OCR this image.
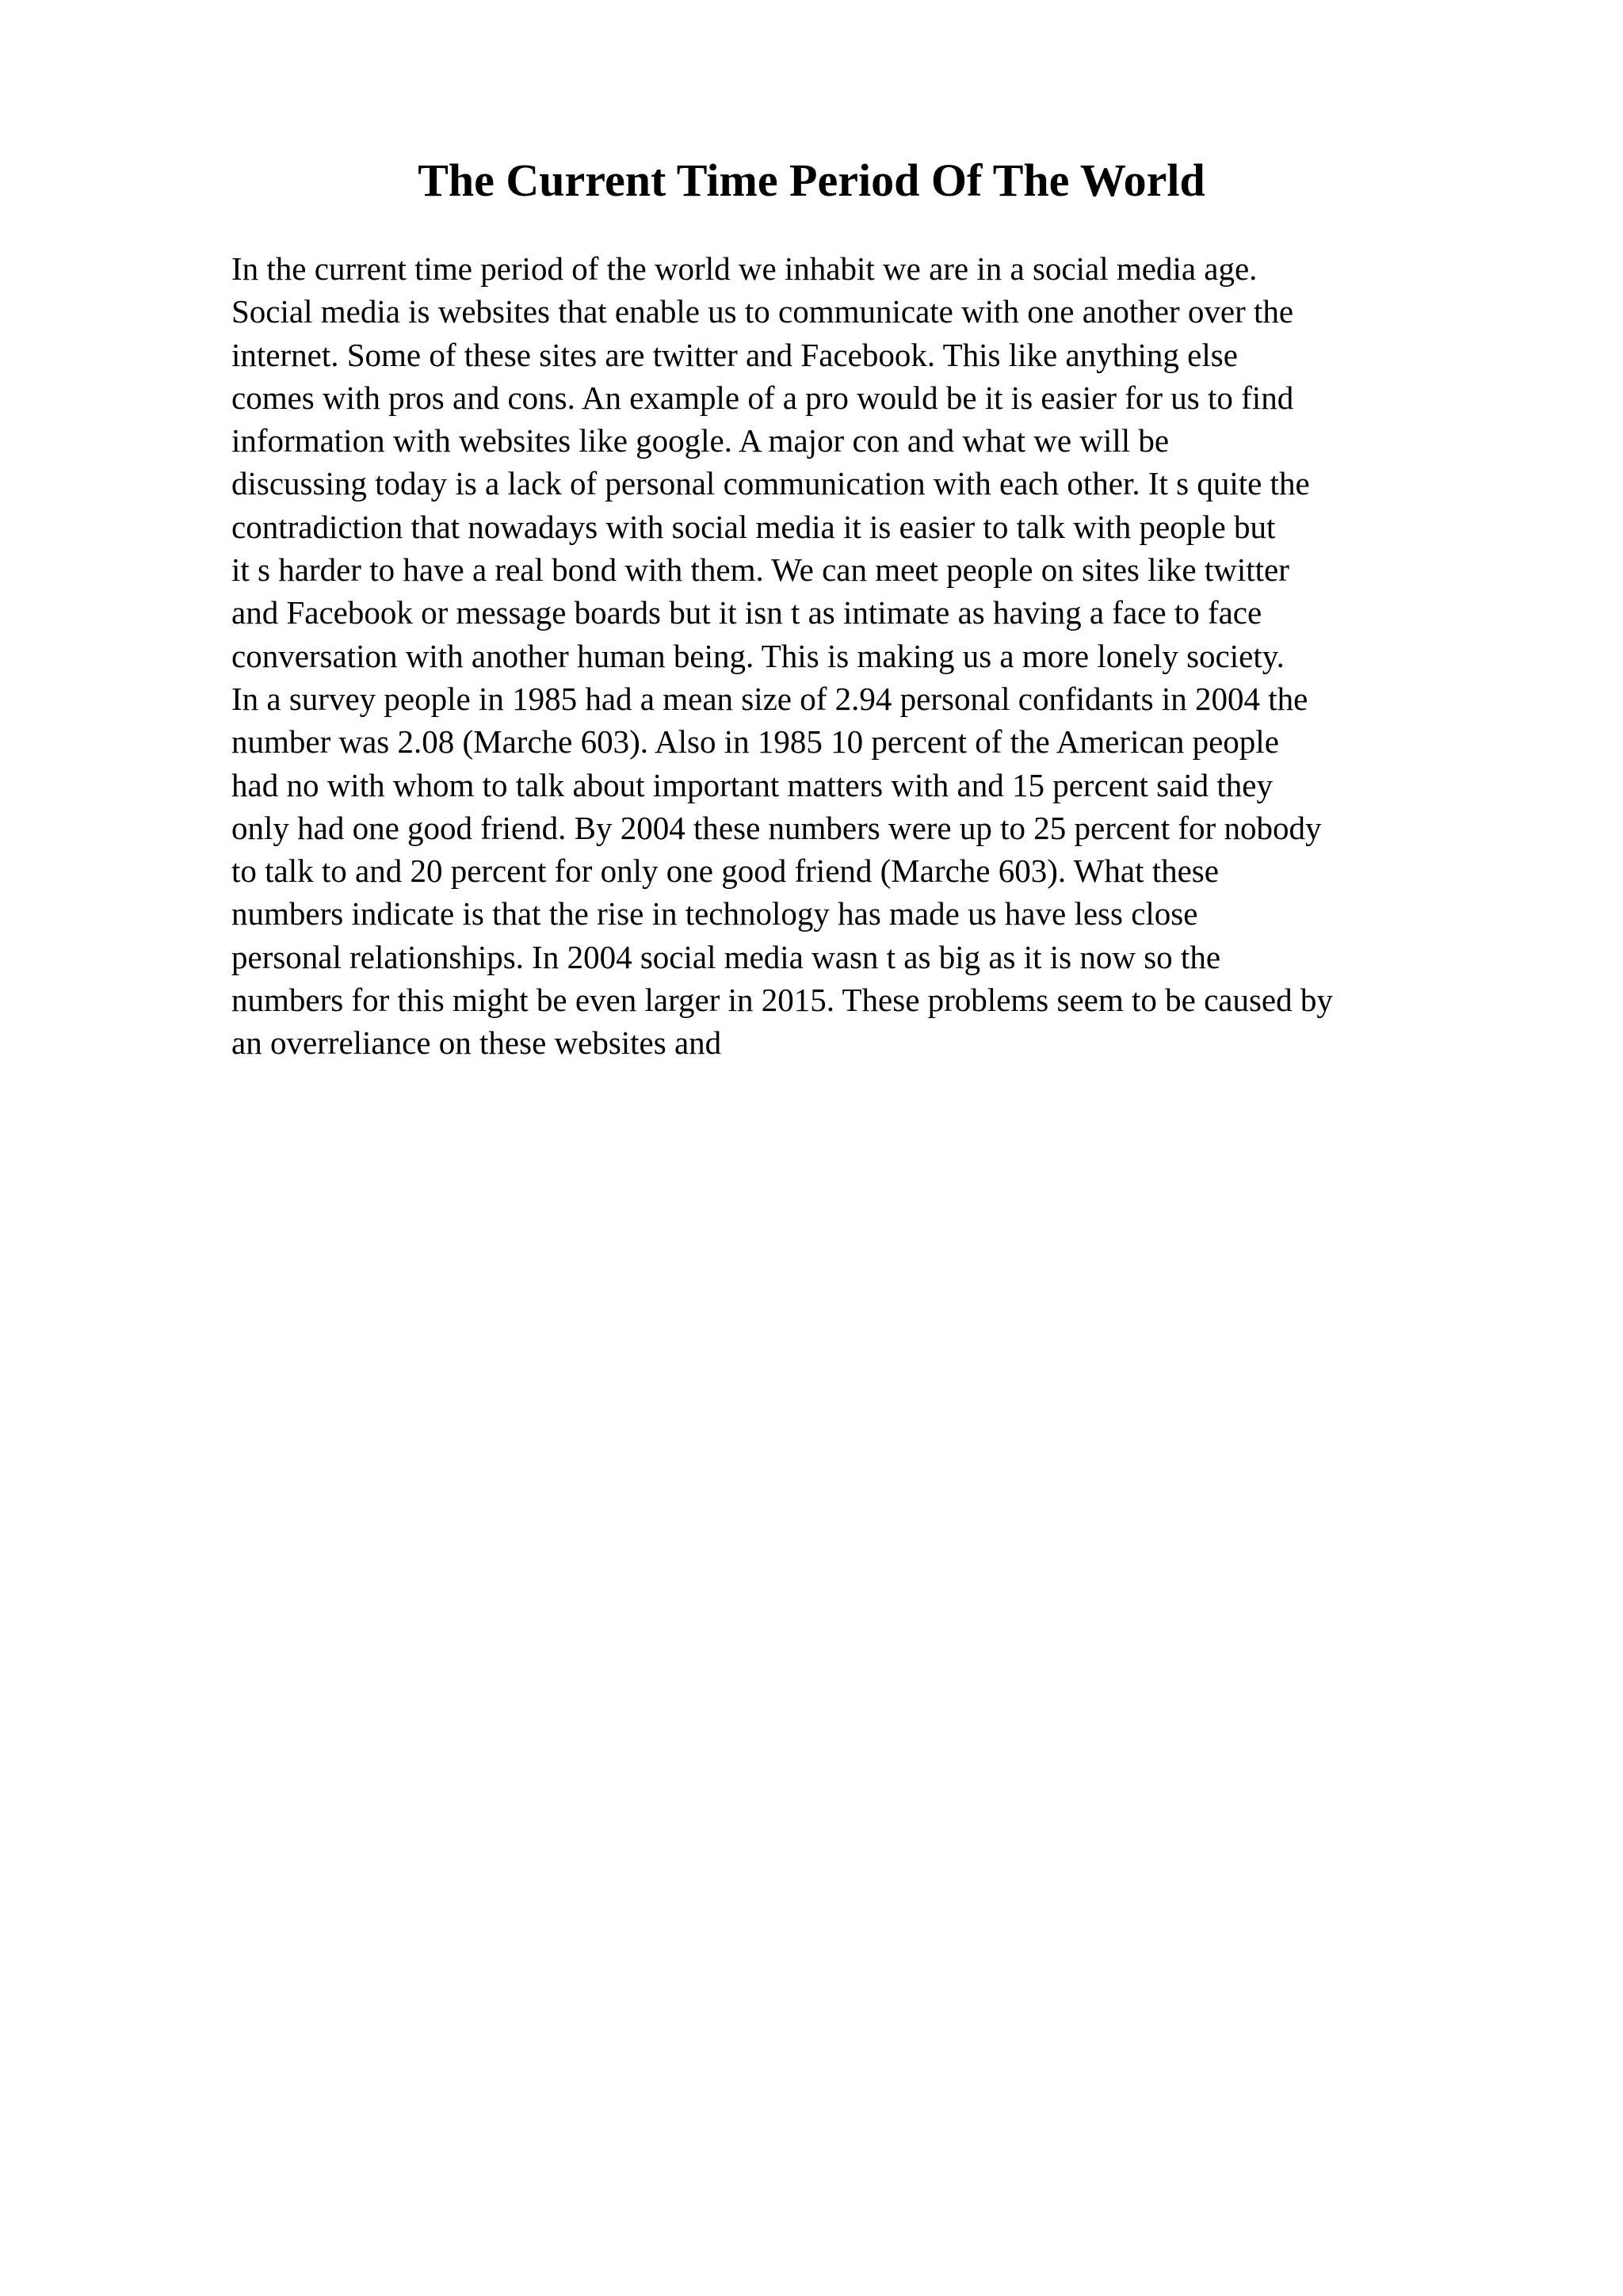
The Current Time Period Of The World
In the current time period of the world we inhabit we are in a social media age.
Social media is websites that enable us to communicate with one another over the
internet. Some of these sites are twitter and Facebook. This like anything else
comes with pros and cons. An example of a pro would be it is easier for us to find
information with websites like google. A major con and what we will be
discussing today is a lack of personal communication with each other. It s quite the
contradiction that nowadays with social media it is easier to talk with people but
it s harder to have a real bond with them. We can meet people on sites like twitter
and Facebook or message boards but it isn t as intimate as having a face to face
conversation with another human being. This is making us a more lonely society.
In a survey people in 1985 had a mean size of 2.94 personal confidants in 2004 the
number was 2.08 (Marche 603). Also in 1985 10 percent of the American people
had no with whom to talk about important matters with and 15 percent said they
only had one good friend. By 2004 these numbers were up to 25 percent for nobody
to talk to and 20 percent for only one good friend (Marche 603). What these
numbers indicate is that the rise in technology has made us have less close
personal relationships. In 2004 social media wasn t as big as it is now so the
numbers for this might be even larger in 2015. These problems seem to be caused by
an overreliance on these websites and
